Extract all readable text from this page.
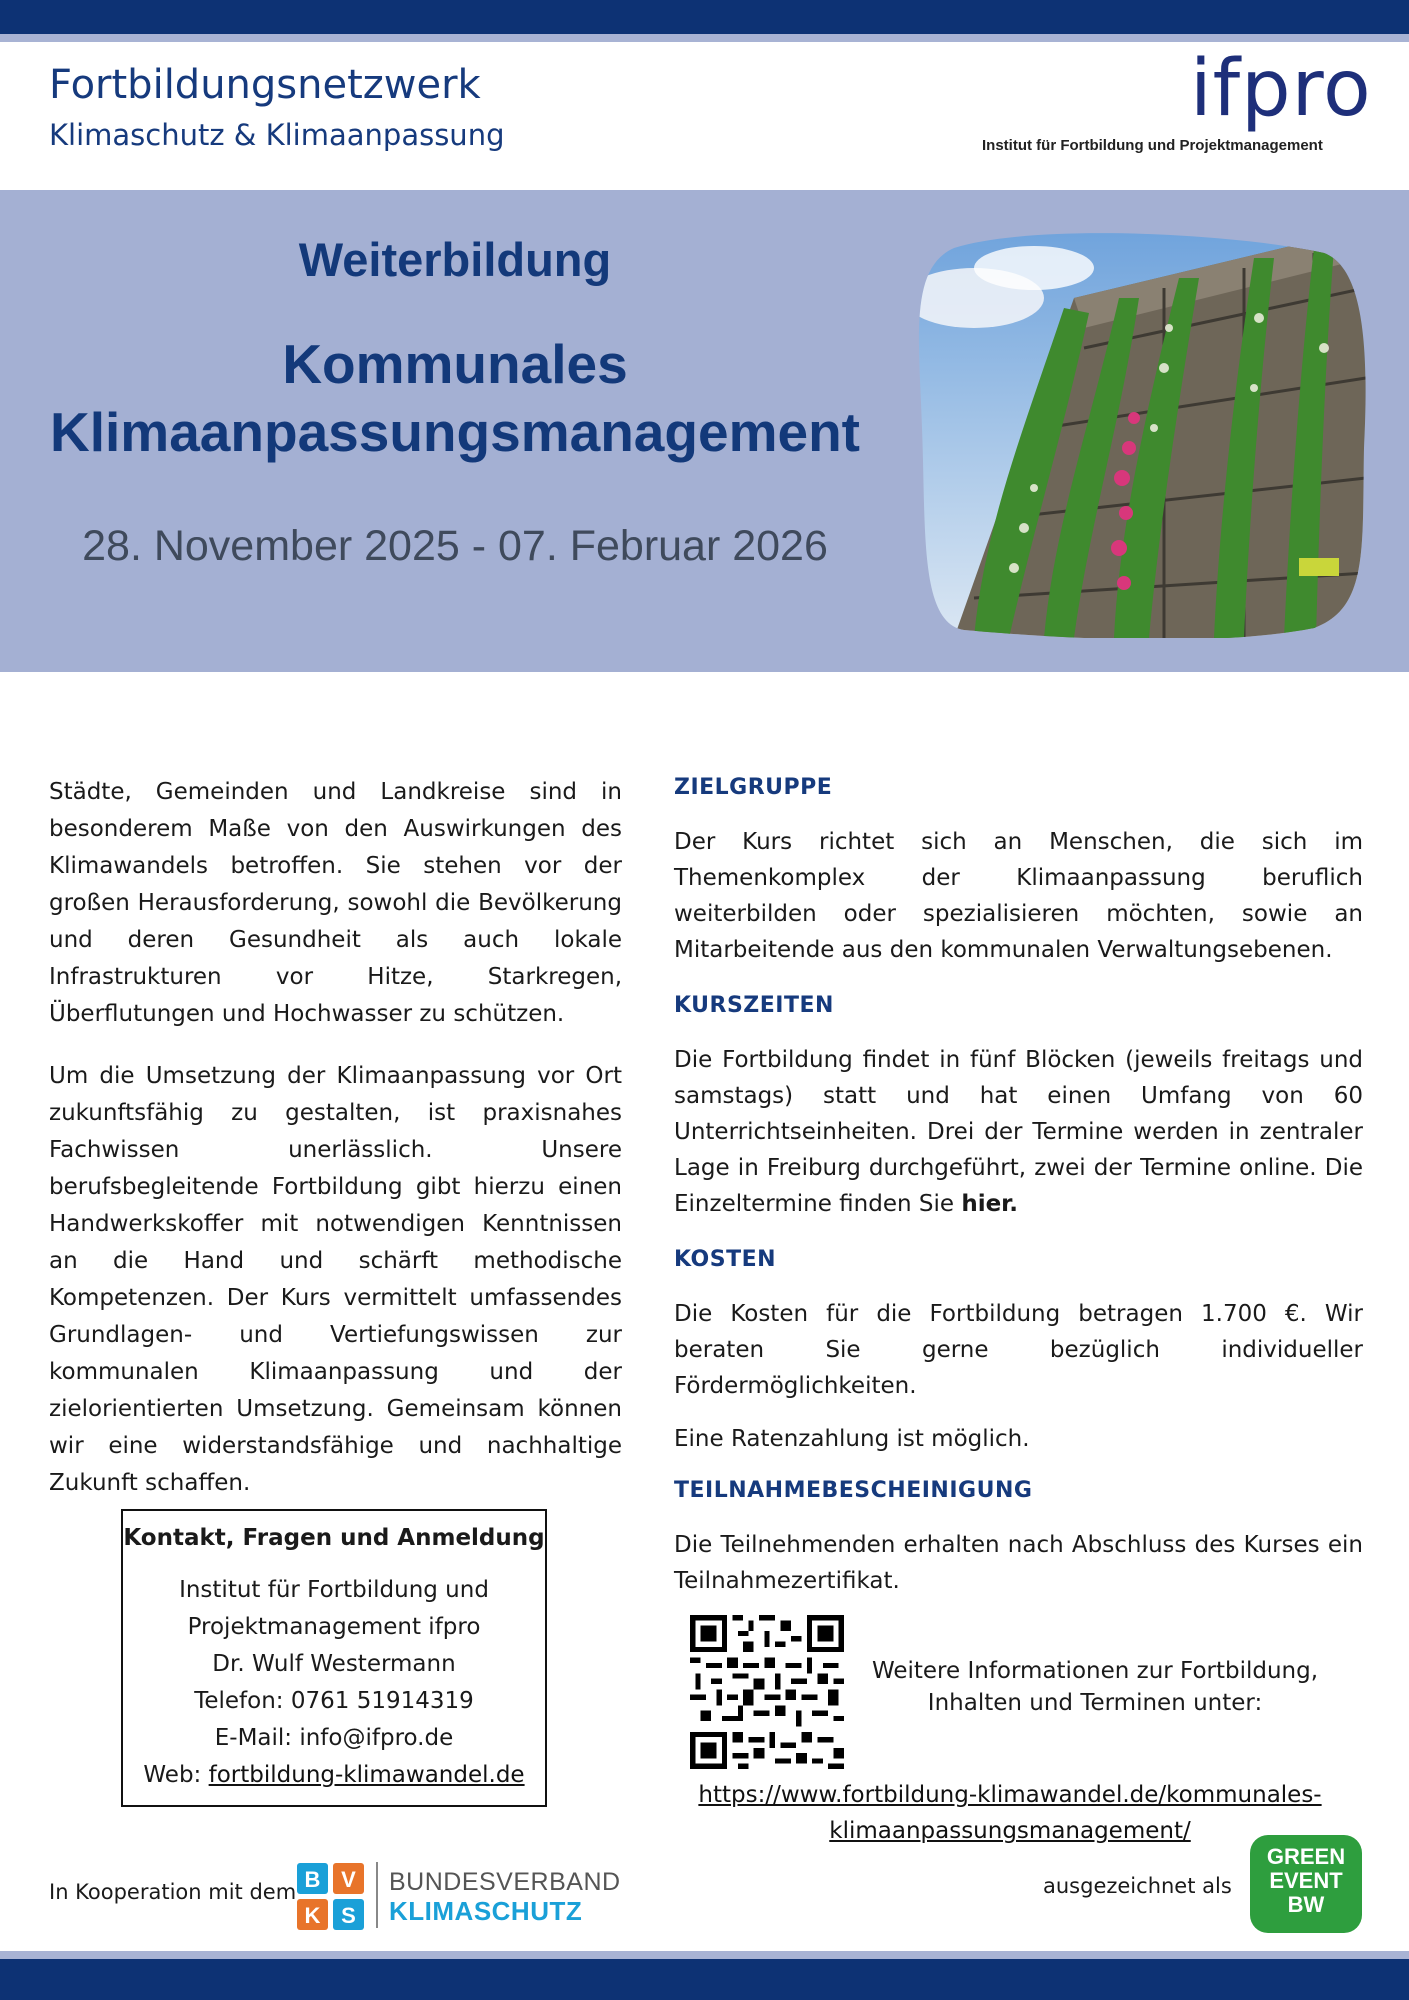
Fortbildungsnetzwerk
Klimaschutz & Klimaanpassung
ifpro
Institut für Fortbildung und Projektmanagement
Weiterbildung
Kommunales
Klimaanpassungsmanagement
28. November 2025 - 07. Februar 2026

Städte, Gemeinden und Landkreise sind in besonderem Maße von den Auswirkungen des Klimawandels betroffen. Sie stehen vor der großen Herausforderung, sowohl die Bevölkerung und deren Gesundheit als auch lokale Infrastrukturen vor Hitze, Starkregen, Überflutungen und Hochwasser zu schützen.

Um die Umsetzung der Klimaanpassung vor Ort zukunftsfähig zu gestalten, ist praxisnahes Fachwissen unerlässlich. Unsere berufsbegleitende Fortbildung gibt hierzu einen Handwerkskoffer mit notwendigen Kenntnissen an die Hand und schärft methodische Kompetenzen. Der Kurs vermittelt umfassendes Grundlagen- und Vertiefungswissen zur kommunalen Klimaanpassung und der zielorientierten Umsetzung. Gemeinsam können wir eine widerstandsfähige und nachhaltige Zukunft schaffen.

ZIELGRUPPE

Der Kurs richtet sich an Menschen, die sich im Themenkomplex der Klimaanpassung beruflich weiterbilden oder spezialisieren möchten, sowie an Mitarbeitende aus den kommunalen Verwaltungsebenen.

KURSZEITEN

Die Fortbildung findet in fünf Blöcken (jeweils freitags und samstags) statt und hat einen Umfang von 60 Unterrichtseinheiten. Drei der Termine werden in zentraler Lage in Freiburg durchgeführt, zwei der Termine online. Die Einzeltermine finden Sie hier.

KOSTEN

Die Kosten für die Fortbildung betragen 1.700 €. Wir beraten Sie gerne bezüglich individueller Fördermöglichkeiten.

Eine Ratenzahlung ist möglich.

TEILNAHMEBESCHEINIGUNG

Die Teilnehmenden erhalten nach Abschluss des Kurses ein Teilnahmezertifikat.

Kontakt, Fragen und Anmeldung
Institut für Fortbildung und
Projektmanagement ifpro
Dr. Wulf Westermann
Telefon: 0761 51914319
E-Mail: info@ifpro.de
Web: fortbildung-klimawandel.de
Weitere Informationen zur Fortbildung,
Inhalten und Terminen unter:
https://www.fortbildung-klimawandel.de/kommunales-
klimaanpassungsmanagement/
In Kooperation mit dem B V
K S
BUNDESVERBAND
KLIMASCHUTZ
ausgezeichnet als
GREEN
EVENT
BW
